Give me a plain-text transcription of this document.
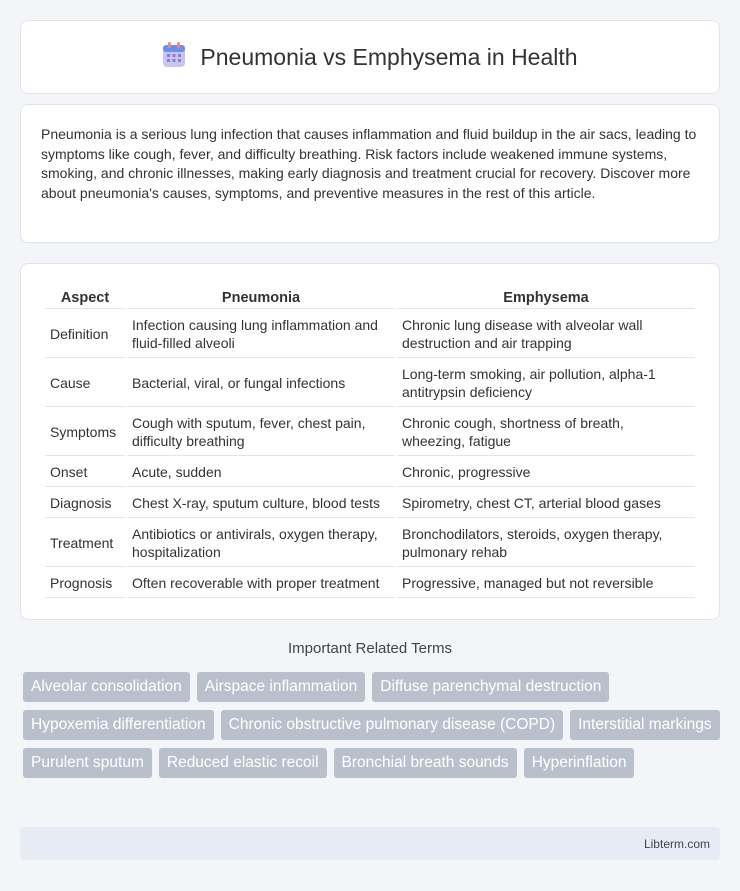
Pneumonia vs Emphysema in Health

Pneumonia is a serious lung infection that causes inflammation and fluid buildup in the air sacs, leading to symptoms like cough, fever, and difficulty breathing. Risk factors include weakened immune systems, smoking, and chronic illnesses, making early diagnosis and treatment crucial for recovery. Discover more about pneumonia's causes, symptoms, and preventive measures in the rest of this article.

Aspect	Pneumonia	Emphysema
Definition	Infection causing lung inflammation and fluid-filled alveoli	Chronic lung disease with alveolar wall destruction and air trapping
Cause	Bacterial, viral, or fungal infections	Long-term smoking, air pollution, alpha-1 antitrypsin deficiency
Symptoms	Cough with sputum, fever, chest pain, difficulty breathing	Chronic cough, shortness of breath, wheezing, fatigue
Onset	Acute, sudden	Chronic, progressive
Diagnosis	Chest X-ray, sputum culture, blood tests	Spirometry, chest CT, arterial blood gases
Treatment	Antibiotics or antivirals, oxygen therapy, hospitalization	Bronchodilators, steroids, oxygen therapy, pulmonary rehab
Prognosis	Often recoverable with proper treatment	Progressive, managed but not reversible
Important Related Terms
Alveolar consolidation	Airspace inflammation	Diffuse parenchymal destruction
Hypoxemia differentiation	Chronic obstructive pulmonary disease (COPD)	Interstitial markings
Purulent sputum	Reduced elastic recoil	Bronchial breath sounds	Hyperinflation
Libterm.com
